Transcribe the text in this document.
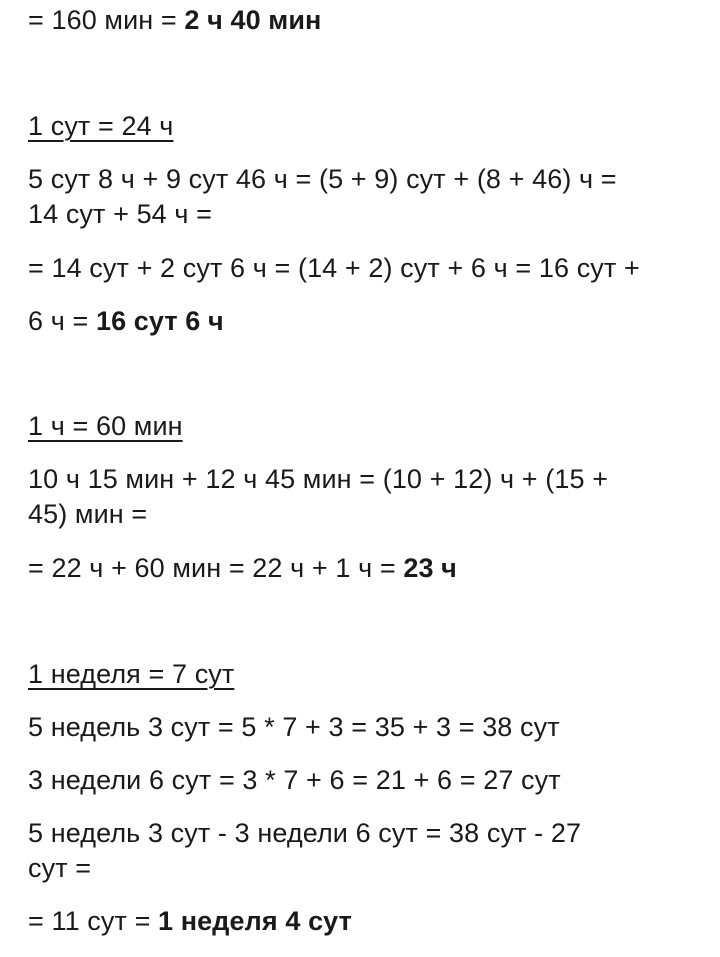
= 160 мин = 2 ч 40 мин
1 сут = 24 ч
5 сут 8 ч + 9 сут 46 ч = (5 + 9) сут + (8 + 46) ч =
14 сут + 54 ч =
= 14 сут + 2 сут 6 ч = (14 + 2) сут + 6 ч = 16 сут +
6 ч = 16 сут 6 ч
1 ч = 60 мин
10 ч 15 мин + 12 ч 45 мин = (10 + 12) ч + (15 +
45) мин =
= 22 ч + 60 мин = 22 ч + 1 ч = 23 ч
1 неделя = 7 сут
5 недель 3 сут = 5 * 7 + 3 = 35 + 3 = 38 сут
3 недели 6 сут = 3 * 7 + 6 = 21 + 6 = 27 сут
5 недель 3 сут - 3 недели 6 сут = 38 сут - 27
сут =
= 11 сут = 1 неделя 4 сут
